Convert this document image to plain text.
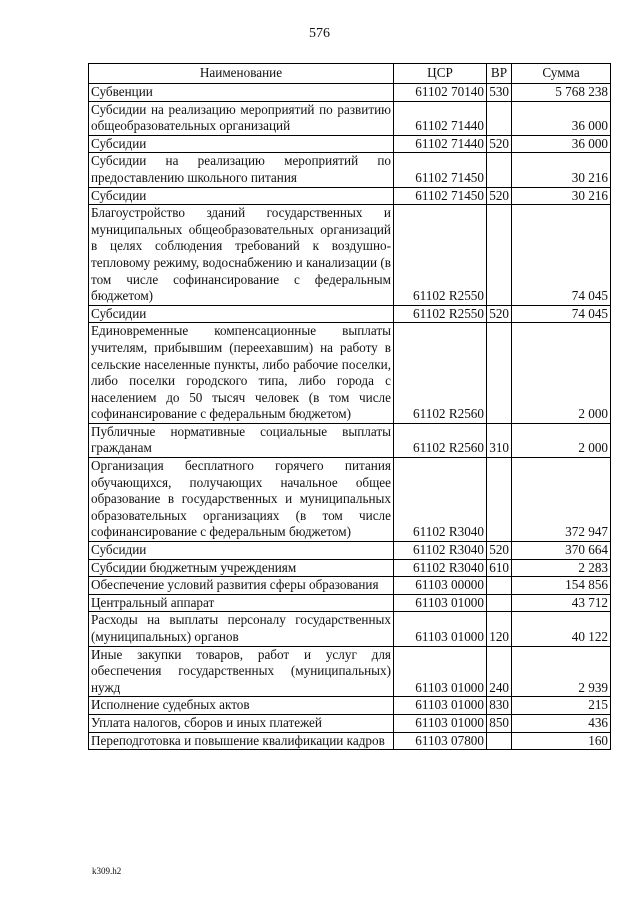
576
Наименование	ЦСР	ВР	Сумма
Субвенции	61102 70140	530	5 768 238
Субсидии на реализацию мероприятий по развитию общеобразовательных организаций	61102 71440		36 000
Субсидии	61102 71440	520	36 000
Субсидии на реализацию мероприятий по предоставлению школьного питания	61102 71450		30 216
Субсидии	61102 71450	520	30 216
Благоустройство зданий государственных и муниципальных общеобразовательных организаций в целях соблюдения требований к воздушно-тепловому режиму, водоснабжению и канализации (в том числе софинансирование с федеральным бюджетом)	61102 R2550		74 045
Субсидии	61102 R2550	520	74 045
Единовременные компенсационные выплаты учителям, прибывшим (переехавшим) на работу в сельские населенные пункты, либо рабочие поселки, либо поселки городского типа, либо города с населением до 50 тысяч человек (в том числе софинансирование с федеральным бюджетом)	61102 R2560		2 000
Публичные нормативные социальные выплаты гражданам	61102 R2560	310	2 000
Организация бесплатного горячего питания обучающихся, получающих начальное общее образование в государственных и муниципальных образовательных организациях (в том числе софинансирование с федеральным бюджетом)	61102 R3040		372 947
Субсидии	61102 R3040	520	370 664
Субсидии бюджетным учреждениям	61102 R3040	610	2 283
Обеспечение условий развития сферы образования	61103 00000		154 856
Центральный аппарат	61103 01000		43 712
Расходы на выплаты персоналу государственных (муниципальных) органов	61103 01000	120	40 122
Иные закупки товаров, работ и услуг для обеспечения государственных (муниципальных) нужд	61103 01000	240	2 939
Исполнение судебных актов	61103 01000	830	215
Уплата налогов, сборов и иных платежей	61103 01000	850	436
Переподготовка и повышение квалификации кадров	61103 07800		160
k309.h2
